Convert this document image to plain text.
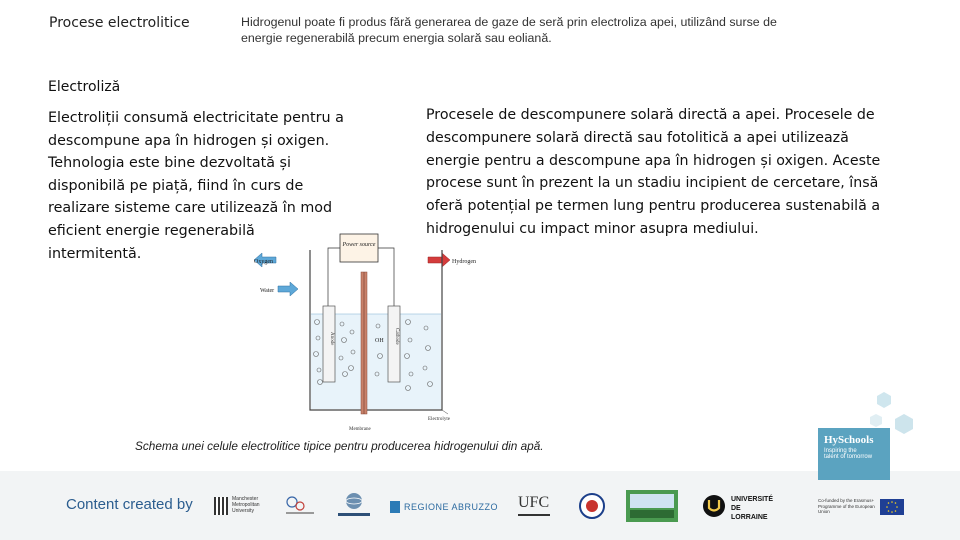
Procese electrolitice	Hidrogenul poate fi produs fără generarea de gaze de seră prin electroliza apei, utilizând surse de energie regenerabilă precum energia solară sau eoliană.
Electroliză
Electroliții consumă electricitate pentru a descompune apa în hidrogen și oxigen. Tehnologia este bine dezvoltată și disponibilă pe piață, fiind în curs de realizare sisteme care utilizează în mod eficient energie regenerabilă intermitentă.
Procesele de descompunere solară directă a apei. Procesele de descompunere solară directă sau fotolitică a apei utilizează energie pentru a descompune apa în hidrogen și oxigen. Aceste procese sunt în prezent la un stadiu incipient de cercetare, însă oferă potențial pe termen lung pentru producerea sustenabilă a hidrogenului cu impact minor asupra mediului.
Power source
Oxygen	Hydrogen
Water
Anode	Cathode
OH
Electrolyte
Membrane
Schema unei celule electrolitice tipice pentru producerea hidrogenului din apă.	HySchools
Inspiring the
talent of tomorrow
Content created by	Manchester Metropolitan University	REGIONE ABRUZZO UFC	UNIVERSITÉ DE LORRAINE
Co-funded by the Erasmus+ Programme of the European Union
